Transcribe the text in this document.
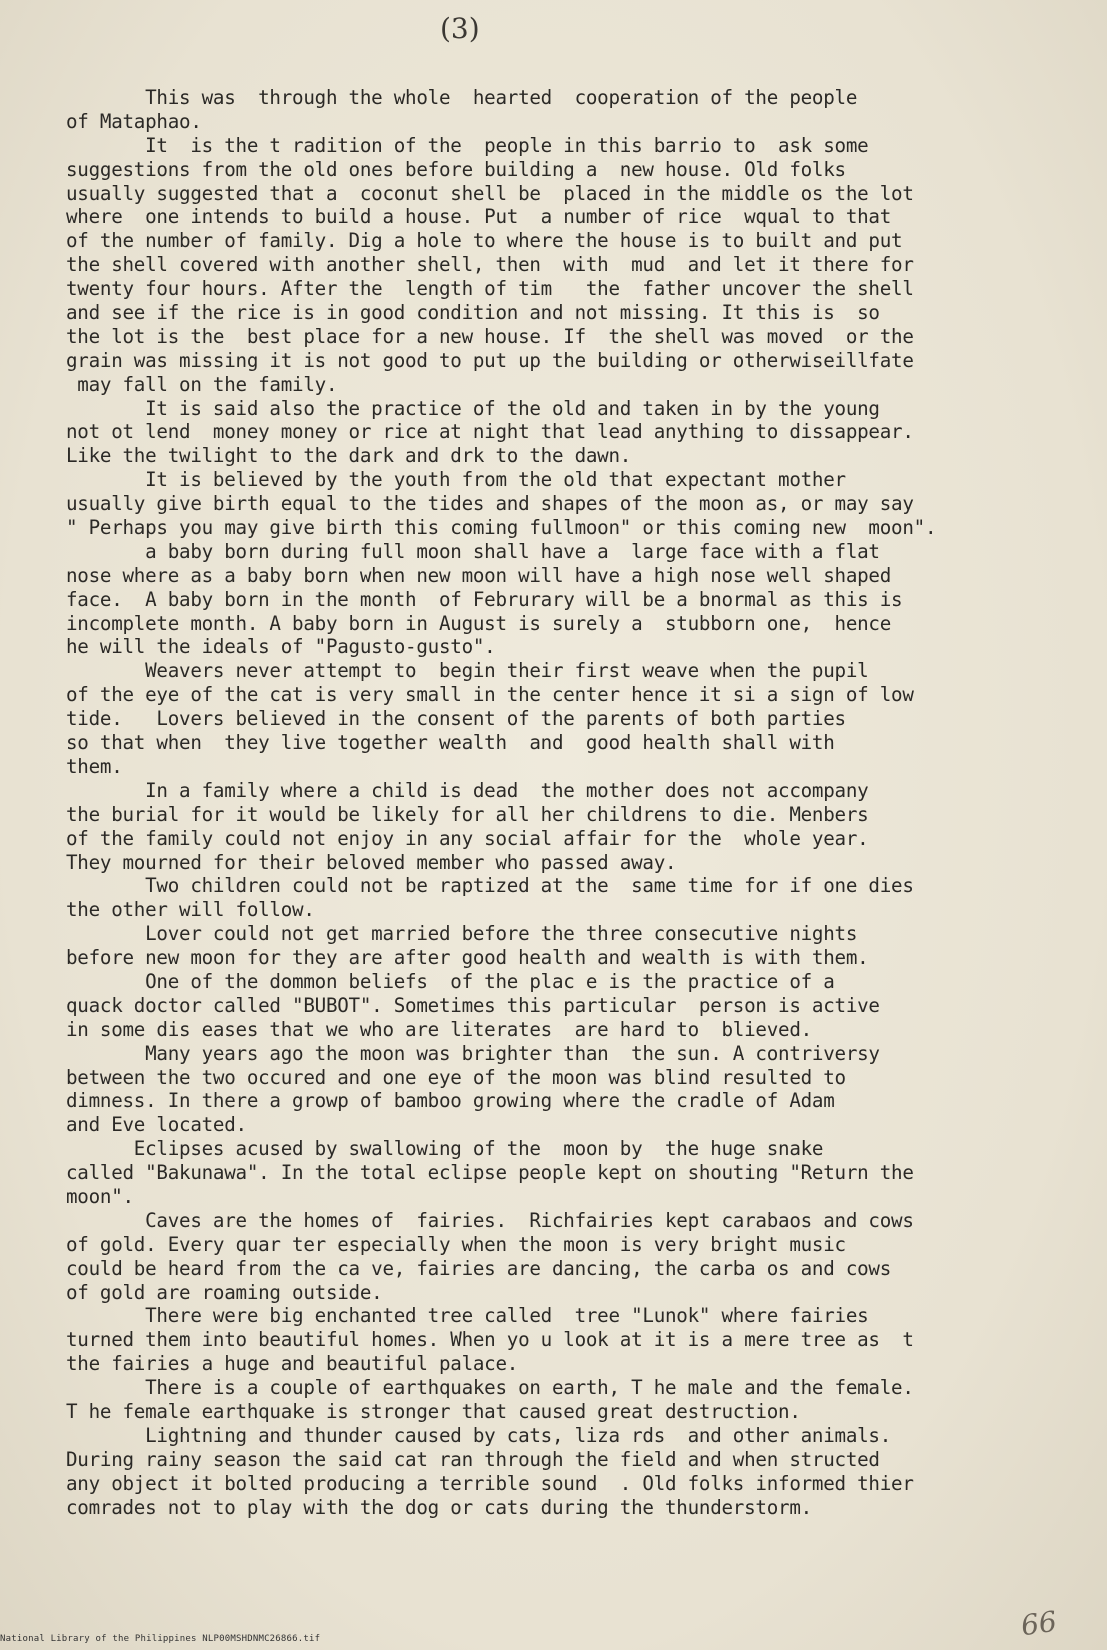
(3)
This was  through the whole  hearted  cooperation of the people
of Mataphao.
It  is the t radition of the  people in this barrio to  ask some
suggestions from the old ones before building a  new house. Old folks
usually suggested that a  coconut shell be  placed in the middle os the lot
where  one intends to build a house. Put  a number of rice  wqual to that
of the number of family. Dig a hole to where the house is to built and put
the shell covered with another shell, then  with  mud  and let it there for
twenty four hours. After the  length of tim   the  father uncover the shell
and see if the rice is in good condition and not missing. It this is  so
the lot is the  best place for a new house. If  the shell was moved  or the
grain was missing it is not good to put up the building or otherwiseillfate
may fall on the family.
It is said also the practice of the old and taken in by the young
not ot lend  money money or rice at night that lead anything to dissappear.
Like the twilight to the dark and drk to the dawn.
It is believed by the youth from the old that expectant mother
usually give birth equal to the tides and shapes of the moon as, or may say
" Perhaps you may give birth this coming fullmoon" or this coming new  moon".
a baby born during full moon shall have a  large face with a flat
nose where as a baby born when new moon will have a high nose well shaped
face.  A baby born in the month  of Februrary will be a bnormal as this is
incomplete month. A baby born in August is surely a  stubborn one,  hence
he will the ideals of "Pagusto-gusto".
Weavers never attempt to  begin their first weave when the pupil
of the eye of the cat is very small in the center hence it si a sign of low
tide.   Lovers believed in the consent of the parents of both parties
so that when  they live together wealth  and  good health shall with
them.
In a family where a child is dead  the mother does not accompany
the burial for it would be likely for all her childrens to die. Menbers
of the family could not enjoy in any social affair for the  whole year.
They mourned for their beloved member who passed away.
Two children could not be raptized at the  same time for if one dies
the other will follow.
Lover could not get married before the three consecutive nights
before new moon for they are after good health and wealth is with them.
One of the dommon beliefs  of the plac e is the practice of a
quack doctor called "BUBOT". Sometimes this particular  person is active
in some dis eases that we who are literates  are hard to  blieved.
Many years ago the moon was brighter than  the sun. A contriversy
between the two occured and one eye of the moon was blind resulted to
dimness. In there a growp of bamboo growing where the cradle of Adam
and Eve located.
Eclipses acused by swallowing of the  moon by  the huge snake
called "Bakunawa". In the total eclipse people kept on shouting "Return the
moon".
Caves are the homes of  fairies.  Richfairies kept carabaos and cows
of gold. Every quar ter especially when the moon is very bright music
could be heard from the ca ve, fairies are dancing, the carba os and cows
of gold are roaming outside.
There were big enchanted tree called  tree "Lunok" where fairies
turned them into beautiful homes. When yo u look at it is a mere tree as  t
the fairies a huge and beautiful palace.
There is a couple of earthquakes on earth, T he male and the female.
T he female earthquake is stronger that caused great destruction.
Lightning and thunder caused by cats, liza rds  and other animals.
During rainy season the said cat ran through the field and when structed
any object it bolted producing a terrible sound  . Old folks informed thier
comrades not to play with the dog or cats during the thunderstorm.
National Library of the Philippines NLP00MSHDNMC26866.tif	66
